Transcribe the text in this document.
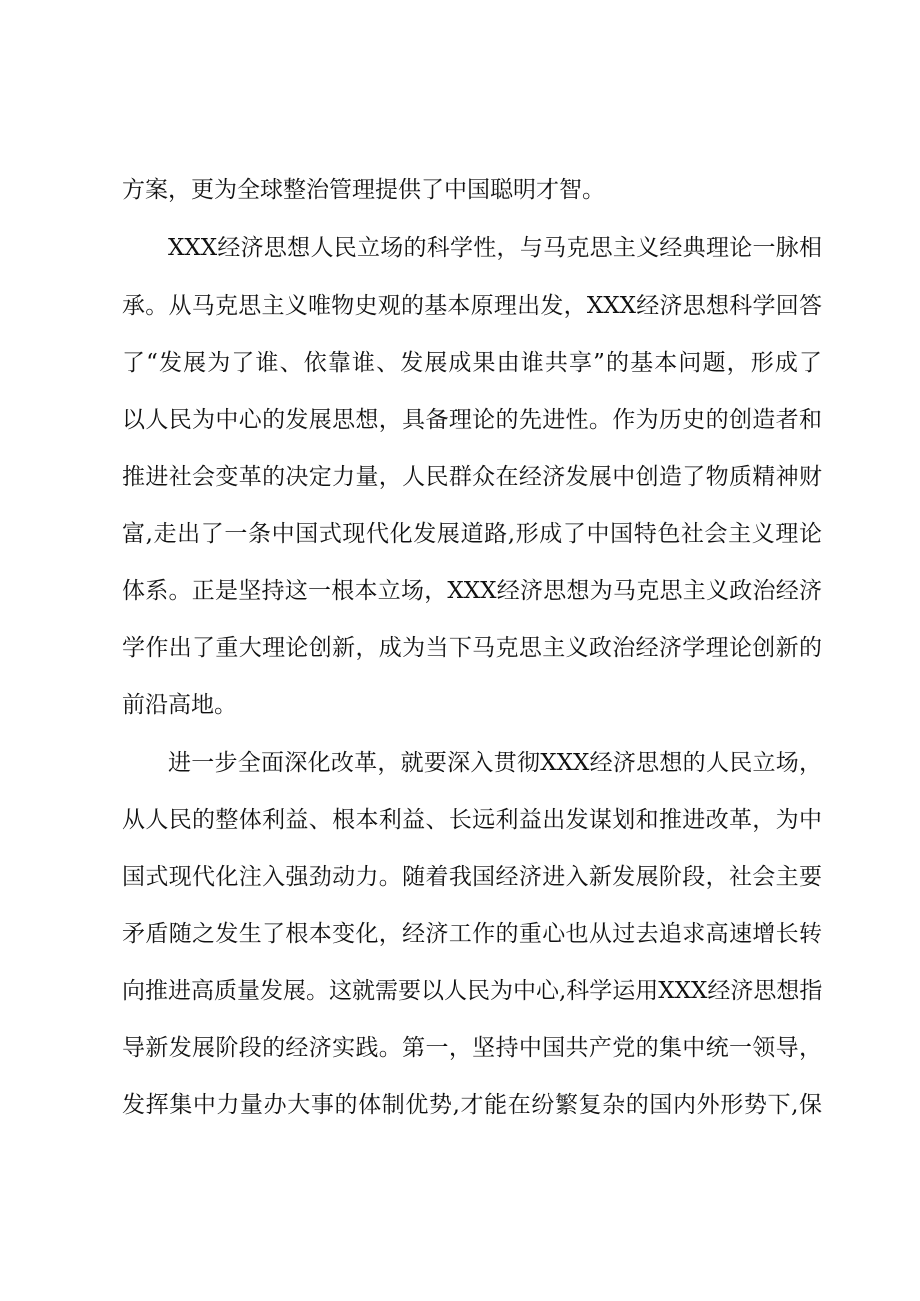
方案，更为全球整治管理提供了中国聪明才智。
XXX经济思想人民立场的科学性，与马克思主义经典理论一脉相
承。从马克思主义唯物史观的基本原理出发，XXX经济思想科学回答
了“发展为了谁、依靠谁、发展成果由谁共享”的基本问题，形成了
以人民为中心的发展思想，具备理论的先进性。作为历史的创造者和
推进社会变革的决定力量，人民群众在经济发展中创造了物质精神财
富,走出了一条中国式现代化发展道路,形成了中国特色社会主义理论
体系。正是坚持这一根本立场，XXX经济思想为马克思主义政治经济
学作出了重大理论创新，成为当下马克思主义政治经济学理论创新的
前沿高地。
进一步全面深化改革，就要深入贯彻XXX经济思想的人民立场，
从人民的整体利益、根本利益、长远利益出发谋划和推进改革，为中
国式现代化注入强劲动力。随着我国经济进入新发展阶段，社会主要
矛盾随之发生了根本变化，经济工作的重心也从过去追求高速增长转
向推进高质量发展。这就需要以人民为中心,科学运用XXX经济思想指
导新发展阶段的经济实践。第一，坚持中国共产党的集中统一领导，
发挥集中力量办大事的体制优势,才能在纷繁复杂的国内外形势下,保
